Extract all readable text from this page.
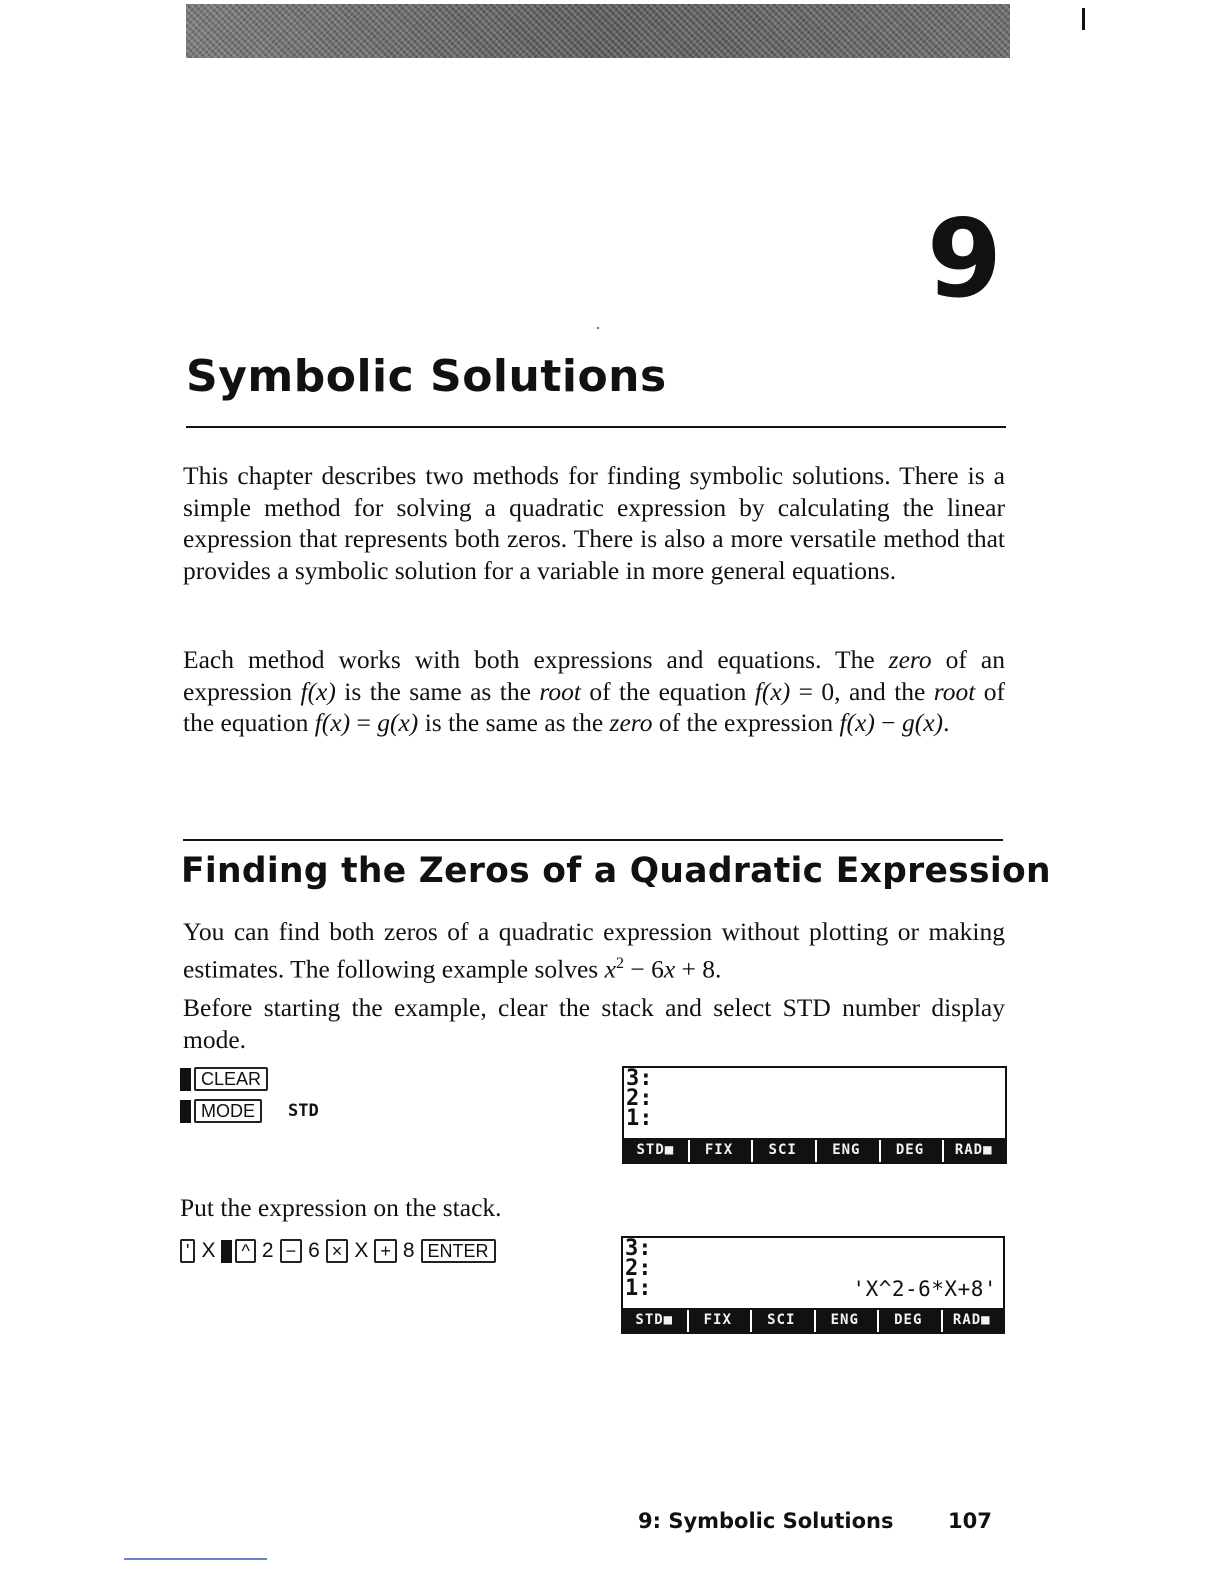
9
Symbolic Solutions

This chapter describes two methods for finding symbolic solutions. There is a simple method for solving a quadratic expression by calculating the linear expression that represents both zeros. There is also a more versatile method that provides a symbolic solution for a variable in more general equations.

Each method works with both expressions and equations. The zero of an expression f(x) is the same as the root of the equation f(x) = 0, and the root of the equation f(x) = g(x) is the same as the zero of the expression f(x) − g(x).

Finding the Zeros of a Quadratic Expression

You can find both zeros of a quadratic expression without plotting or making estimates. The following example solves $x^2 - 6x + 8$.

Before starting the example, clear the stack and select STD number display mode.

CLEAR
MODE	STD
3:
2:
1:
STD■	FIX	SCI	ENG	DEG	RAD■

Put the expression on the stack.

' X	^ 2 − 6 × X + 8 ENTER	3:
2:
1:	'X^2-6*X+8'
STD■	FIX	SCI	ENG	DEG	RAD■
9: Symbolic Solutions	107
